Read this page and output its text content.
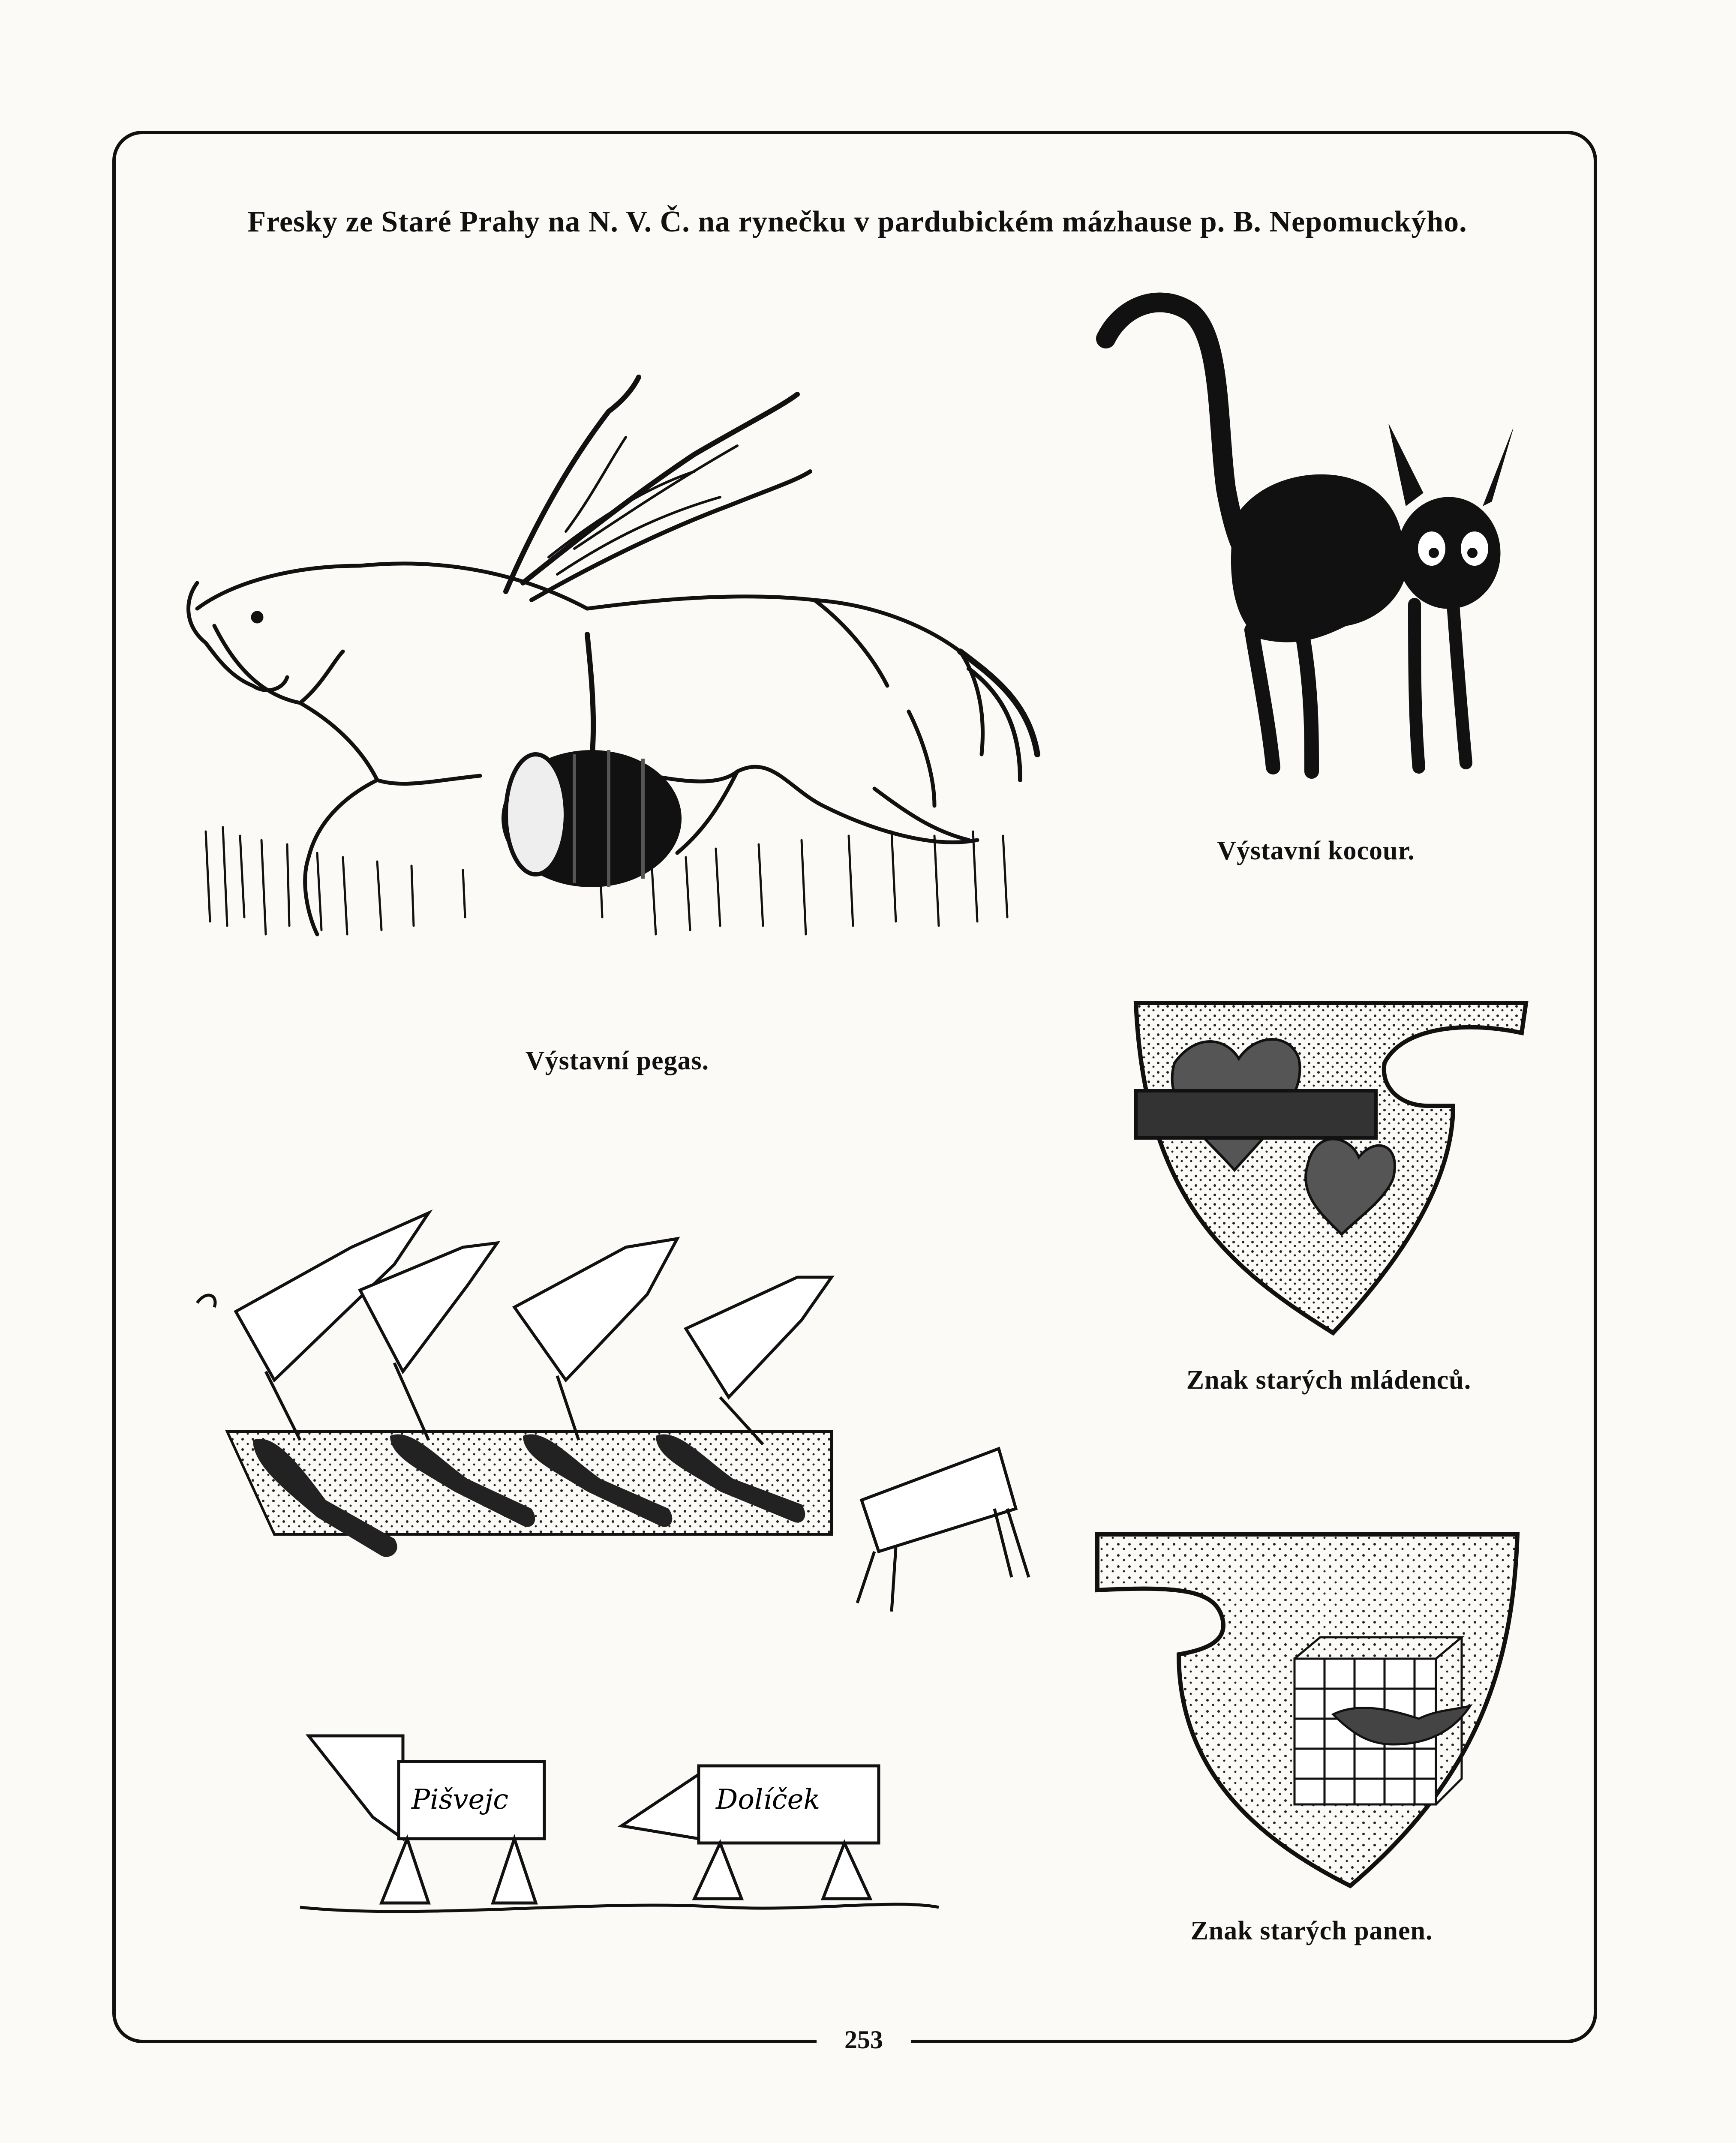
Fresky ze Staré Prahy na N. V. Č. na rynečku v pardubickém mázhause p. B. Nepomuckýho.
Výstavní pegas.
Výstavní kocour.
Znak starých mládenců.
Znak starých panen.
Pišvejc	Dolíček
253
